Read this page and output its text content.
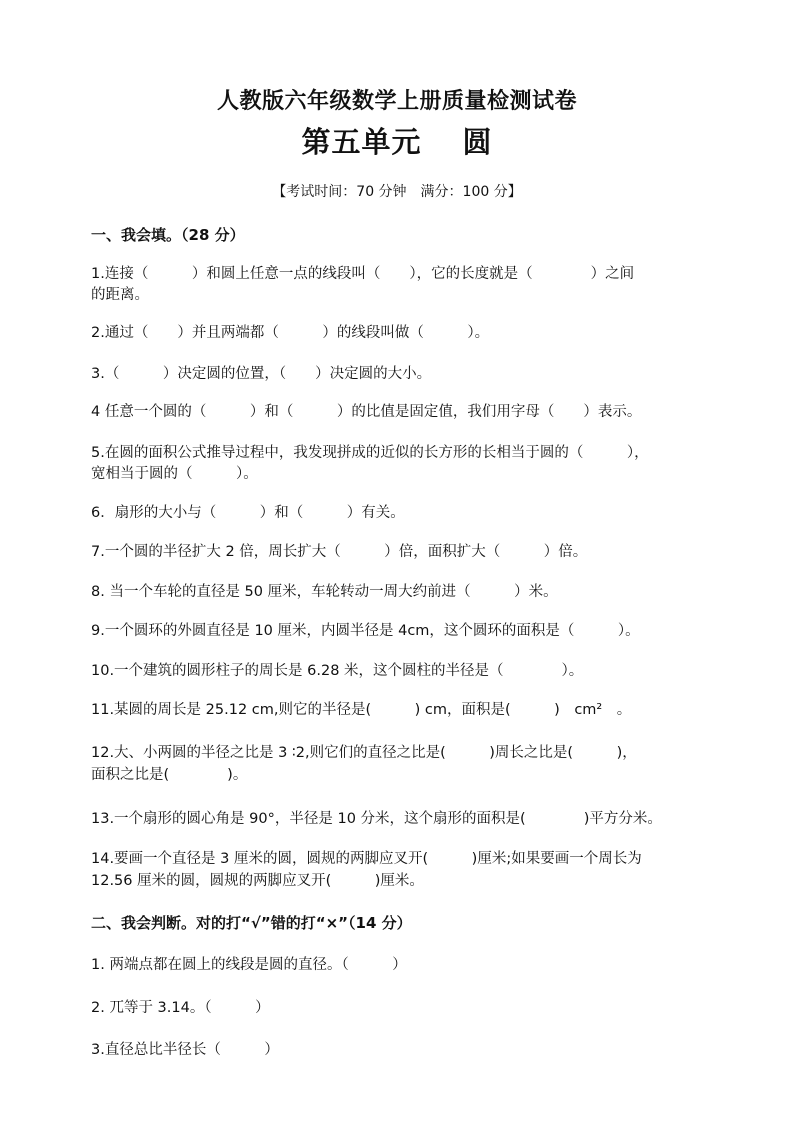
人教版六年级数学上册质量检测试卷
第五单元　 圆
【考试时间：70 分钟　满分：100 分】
一、我会填。（28 分）
1.连接（　　　）和圆上任意一点的线段叫（　　），它的长度就是（　　　　）之间
的距离。
2.通过（　　）并且两端都（　　　）的线段叫做（　　　）。
3.（　　　）决定圆的位置，（　　）决定圆的大小。
4 任意一个圆的（　　　）和（　　　）的比值是固定值，我们用字母（　　）表示。
5.在圆的面积公式推导过程中，我发现拼成的近似的长方形的长相当于圆的（　　　），
宽相当于圆的（　　　）。
6．扇形的大小与（　　　）和（　　　）有关。
7.一个圆的半径扩大 2 倍，周长扩大（　　　）倍，面积扩大（　　　）倍。
8. 当一个车轮的直径是 50 厘米，车轮转动一周大约前进（　　　）米。
9.一个圆环的外圆直径是 10 厘米，内圆半径是 4cm，这个圆环的面积是（　　　）。
10.一个建筑的圆形柱子的周长是 6.28 米，这个圆柱的半径是（　　　　）。
11.某圆的周长是 25.12 cm,则它的半径是(　　　) cm，面积是(　　　)　cm²　。
12.大、小两圆的半径之比是 3 ∶2,则它们的直径之比是(　　　)周长之比是(　　　)，
面积之比是(　　　　)。
13.一个扇形的圆心角是 90°，半径是 10 分米，这个扇形的面积是(　　　　)平方分米。
14.要画一个直径是 3 厘米的圆，圆规的两脚应叉开(　　　)厘米;如果要画一个周长为
12.56 厘米的圆，圆规的两脚应叉开(　　　)厘米。
二、我会判断。对的打“√”错的打“×”（14 分）
1. 两端点都在圆上的线段是圆的直径。（　　　）
2. 兀等于 3.14。（　　　）
3.直径总比半径长（　　　）
